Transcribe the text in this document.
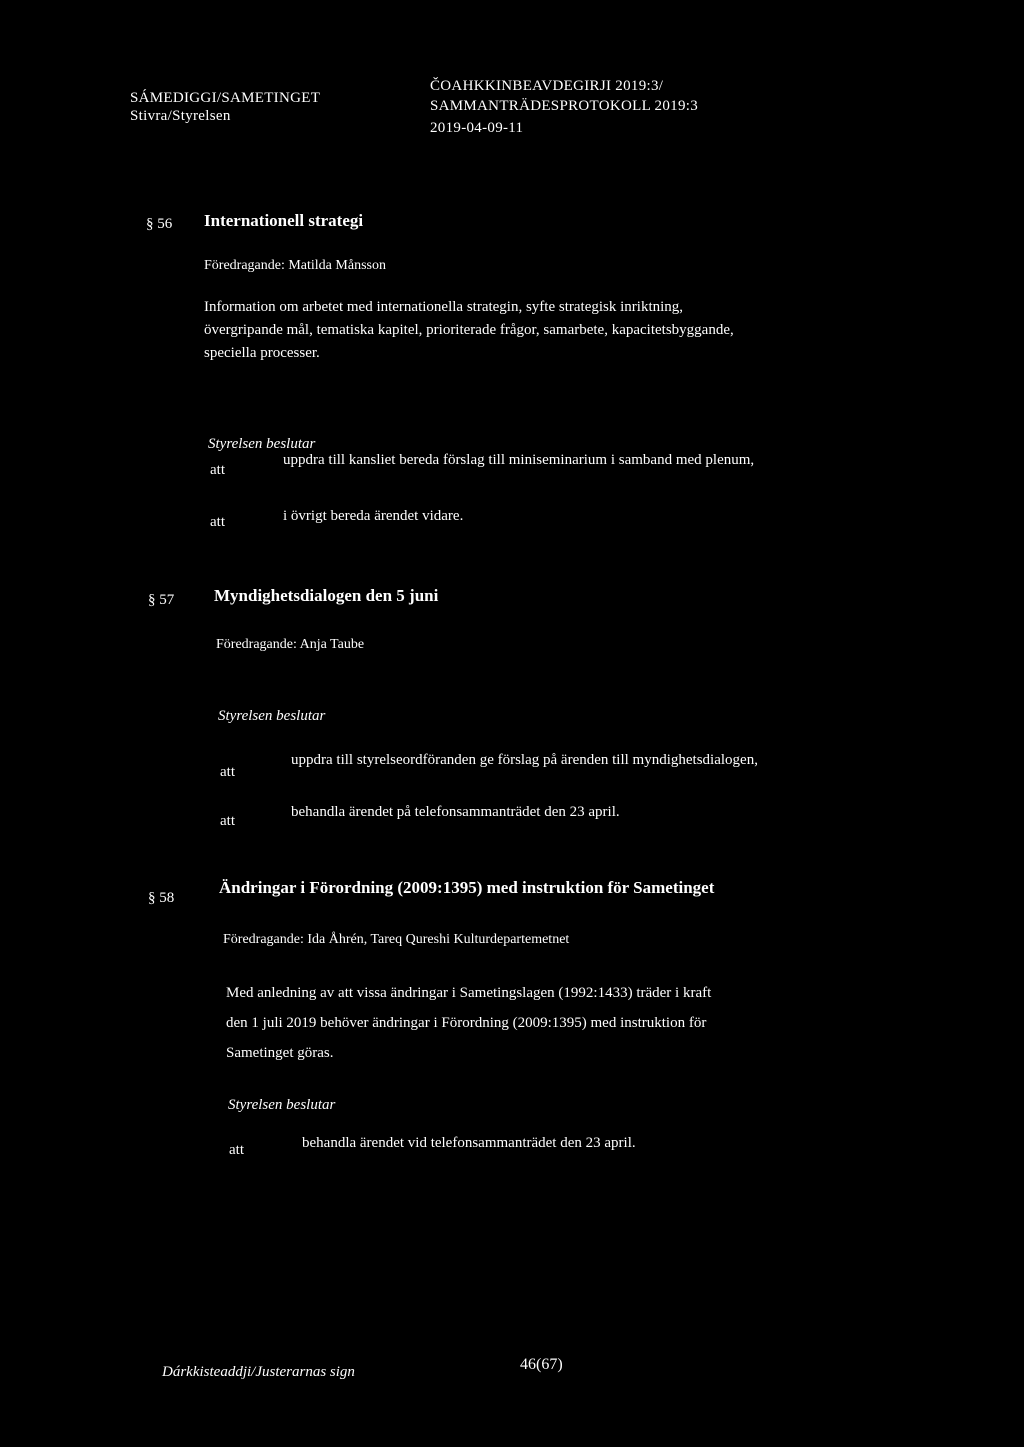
SÁMEDIGGI/SAMETINGET
Stivra/Styrelsen
ČOAHKKINBEAVDEGIRJI 2019:3/
SAMMANTRÄDESPROTOKOLL 2019:3
2019-04-09-11
§ 56 Internationell strategi
Föredragande: Matilda Månsson
Information om arbetet med internationella strategin, syfte strategisk inriktning,
övergripande mål, tematiska kapitel, prioriterade frågor, samarbete, kapacitetsbyggande,
speciella processer.
Styrelsen beslutar
att
uppdra till kansliet bereda förslag till miniseminarium i samband med plenum,
att	i övrigt bereda ärendet vidare.
§ 57 Myndighetsdialogen den 5 juni
Föredragande: Anja Taube
Styrelsen beslutar
att
uppdra till styrelseordföranden ge förslag på ärenden till myndighetsdialogen,
att
behandla ärendet på telefonsammanträdet den 23 april.
§ 58
Ändringar i Förordning (2009:1395) med instruktion för Sametinget
Föredragande: Ida Åhrén, Tareq Qureshi Kulturdepartemetnet
Med anledning av att vissa ändringar i Sametingslagen (1992:1433) träder i kraft
den 1 juli 2019 behöver ändringar i Förordning (2009:1395) med instruktion för
Sametinget göras.
Styrelsen beslutar
att	behandla ärendet vid telefonsammanträdet den 23 april.
Dárkkisteaddji/Justerarnas sign	46(67)
